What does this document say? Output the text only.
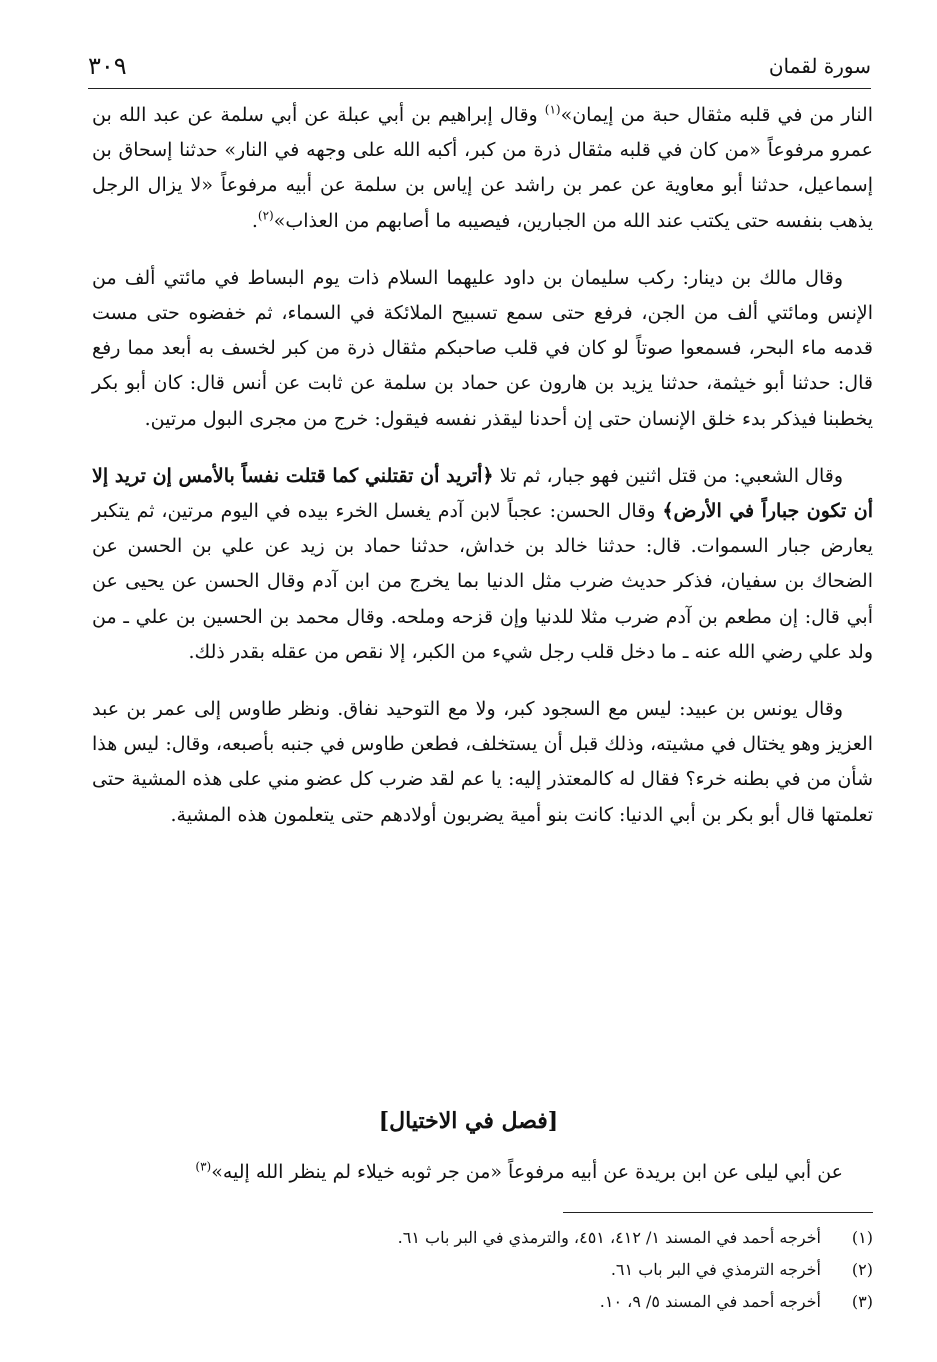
سورة لقمان
٣٠٩

النار من في قلبه مثقال حبة من إيمان»$^{(١)}$ وقال إبراهيم بن أبي عبلة عن أبي سلمة عن عبد الله بن عمرو مرفوعاً «من كان في قلبه مثقال ذرة من كبر، أكبه الله على وجهه في النار» حدثنا إسحاق بن إسماعيل، حدثنا أبو معاوية عن عمر بن راشد عن إياس بن سلمة عن أبيه مرفوعاً «لا يزال الرجل يذهب بنفسه حتى يكتب عند الله من الجبارين، فيصيبه ما أصابهم من العذاب»$^{(٢)}$.

وقال مالك بن دينار: ركب سليمان بن داود عليهما السلام ذات يوم البساط في مائتي ألف من الإنس ومائتي ألف من الجن، فرفع حتى سمع تسبيح الملائكة في السماء، ثم خفضوه حتى مست قدمه ماء البحر، فسمعوا صوتاً لو كان في قلب صاحبكم مثقال ذرة من كبر لخسف به أبعد مما رفع قال: حدثنا أبو خيثمة، حدثنا يزيد بن هارون عن حماد بن سلمة عن ثابت عن أنس قال: كان أبو بكر يخطبنا فيذكر بدء خلق الإنسان حتى إن أحدنا ليقذر نفسه فيقول: خرج من مجرى البول مرتين.

وقال الشعبي: من قتل اثنين فهو جبار، ثم تلا ﴿أتريد أن تقتلني كما قتلت نفساً بالأمس إن تريد إلا أن تكون جباراً في الأرض﴾ وقال الحسن: عجباً لابن آدم يغسل الخرء بيده في اليوم مرتين، ثم يتكبر يعارض جبار السموات. قال: حدثنا خالد بن خداش، حدثنا حماد بن زيد عن علي بن الحسن عن الضحاك بن سفيان، فذكر حديث ضرب مثل الدنيا بما يخرج من ابن آدم وقال الحسن عن يحيى عن أبي قال: إن مطعم بن آدم ضرب مثلا للدنيا وإن قزحه وملحه. وقال محمد بن الحسين بن علي ـ من ولد علي رضي الله عنه ـ ما دخل قلب رجل شيء من الكبر، إلا نقص من عقله بقدر ذلك.

وقال يونس بن عبيد: ليس مع السجود كبر، ولا مع التوحيد نفاق. ونظر طاوس إلى عمر بن عبد العزيز وهو يختال في مشيته، وذلك قبل أن يستخلف، فطعن طاوس في جنبه بأصبعه، وقال: ليس هذا شأن من في بطنه خرء؟ فقال له كالمعتذر إليه: يا عم لقد ضرب كل عضو مني على هذه المشية حتى تعلمتها قال أبو بكر بن أبي الدنيا: كانت بنو أمية يضربون أولادهم حتى يتعلمون هذه المشية.

[فصل في الاختيال]
عن أبي ليلى عن ابن بريدة عن أبيه مرفوعاً «من جر ثوبه خيلاء لم ينظر الله إليه»$^{(٣)}$
(١)
أخرجه أحمد في المسند ١/ ٤١٢، ٤٥١، والترمذي في البر باب ٦١.
(٢)
أخرجه الترمذي في البر باب ٦١.
(٣)
أخرجه أحمد في المسند ٥/ ٩، ١٠.
